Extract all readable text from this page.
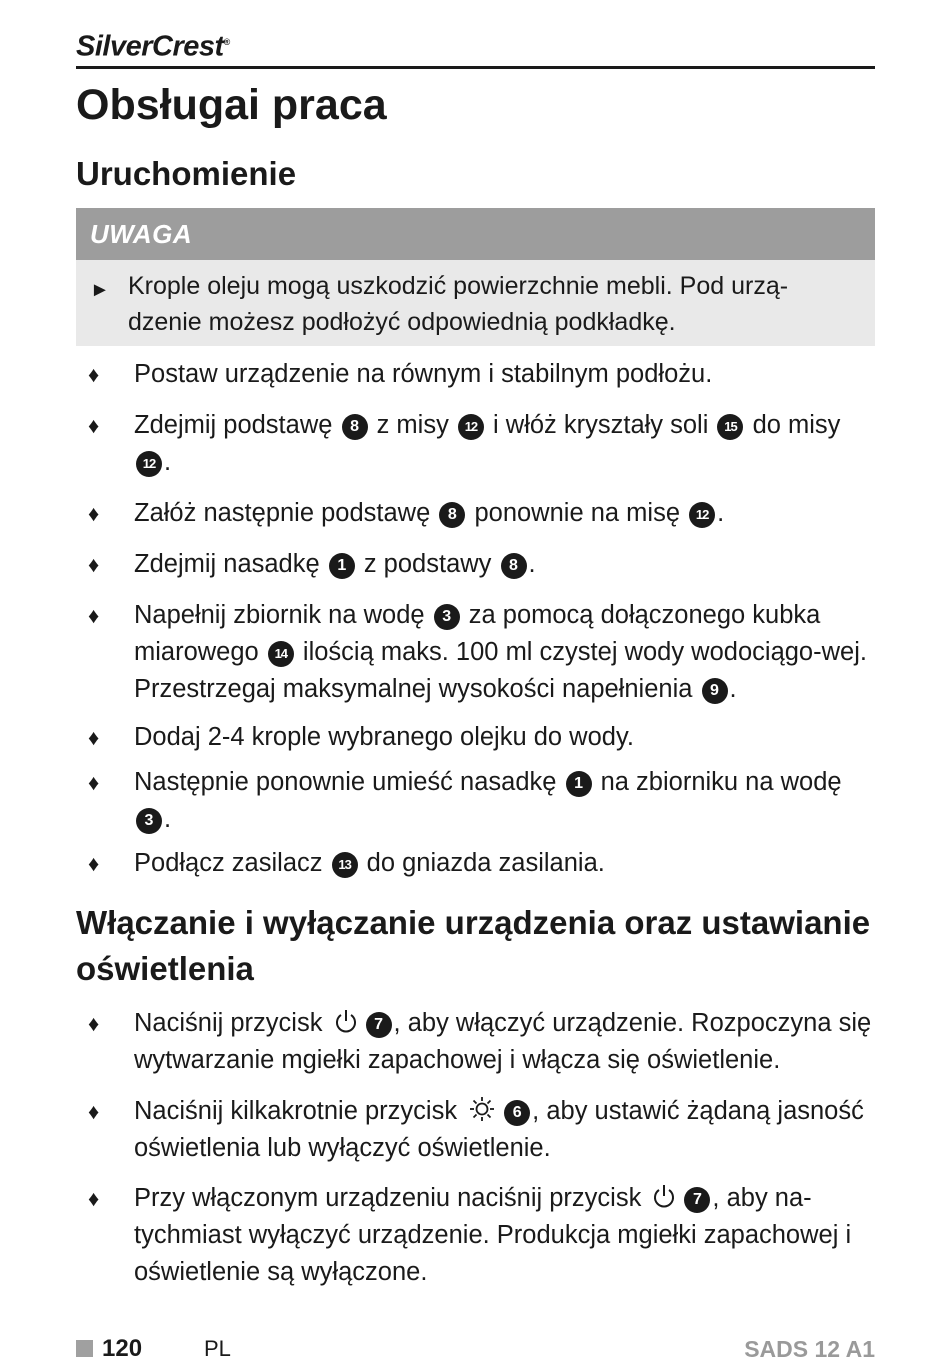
SilverCrest®
Obsługai praca
Uruchomienie
UWAGA
► Krople oleju mogą uszkodzić powierzchnie mebli. Pod urzą-dzenie możesz podłożyć odpowiednią podkładkę.
♦ Postaw urządzenie na równym i stabilnym podłożu.
♦ Zdejmij podstawę 8 z misy 12 i włóż kryształy soli 15 do misy 12 .
♦ Załóż następnie podstawę 8 ponownie na misę 12 .
♦ Zdejmij nasadkę 1 z podstawy 8 .
♦ Napełnij zbiornik na wodę 3 za pomocą dołączonego kubka miarowego 14 ilością maks. 100 ml czystej wody wodociągo-wej. Przestrzegaj maksymalnej wysokości napełnienia 9 .
♦ Dodaj 2-4 krople wybranego olejku do wody.
♦ Następnie ponownie umieść nasadkę 1 na zbiorniku na wodę 3 .
♦ Podłącz zasilacz 13 do gniazda zasilania.
Włączanie i wyłączanie urządzenia oraz ustawianie oświetlenia
♦ Naciśnij przycisk	7 , aby włączyć urządzenie. Rozpoczyna się wytwarzanie mgiełki zapachowej i włącza się oświetlenie.
♦ Naciśnij kilkakrotnie przycisk	6 , aby ustawić żądaną jasność oświetlenia lub wyłączyć oświetlenie.
♦ Przy włączonym urządzeniu naciśnij przycisk	7 , aby na-tychmiast wyłączyć urządzenie. Produkcja mgiełki zapachowej i oświetlenie są wyłączone.
120	PL	SADS 12 A1
